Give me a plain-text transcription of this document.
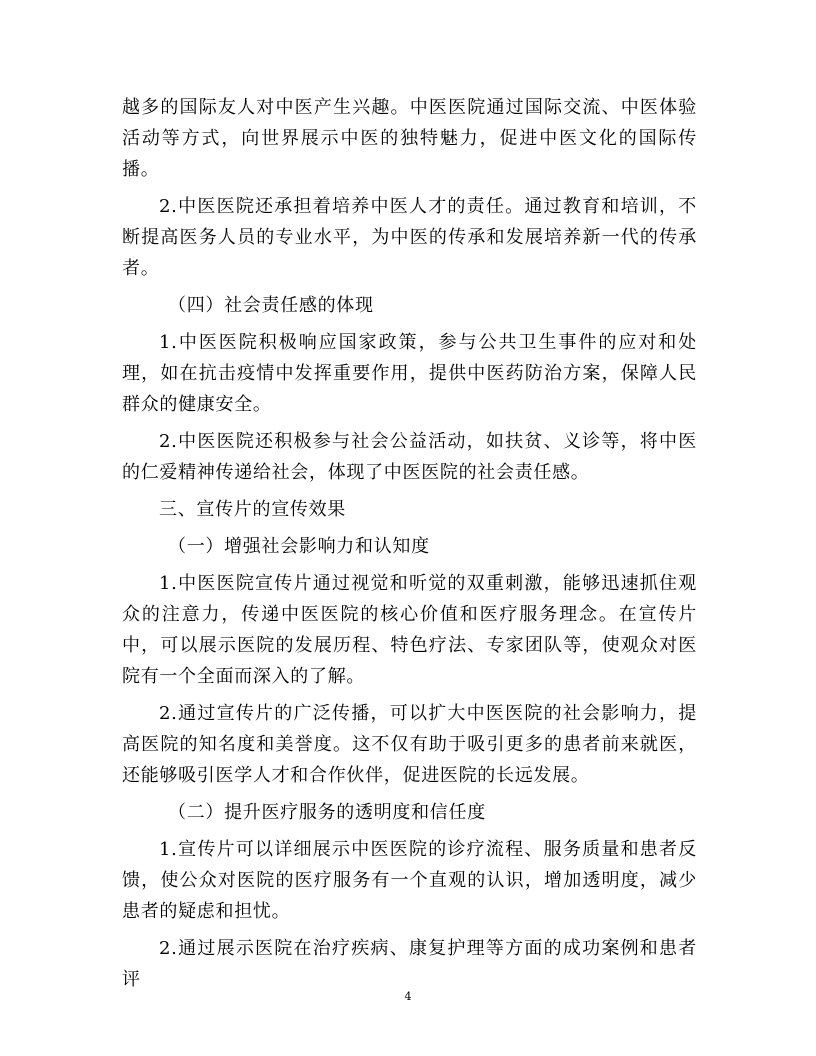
越多的国际友人对中医产生兴趣。中医医院通过国际交流、中医体验活动等方式，向世界展示中医的独特魅力，促进中医文化的国际传播。

2.中医医院还承担着培养中医人才的责任。通过教育和培训，不断提高医务人员的专业水平，为中医的传承和发展培养新一代的传承者。

（四）社会责任感的体现

1.中医医院积极响应国家政策，参与公共卫生事件的应对和处理，如在抗击疫情中发挥重要作用，提供中医药防治方案，保障人民群众的健康安全。

2.中医医院还积极参与社会公益活动，如扶贫、义诊等，将中医的仁爱精神传递给社会，体现了中医医院的社会责任感。

三、宣传片的宣传效果

（一）增强社会影响力和认知度

1.中医医院宣传片通过视觉和听觉的双重刺激，能够迅速抓住观众的注意力，传递中医医院的核心价值和医疗服务理念。在宣传片中，可以展示医院的发展历程、特色疗法、专家团队等，使观众对医院有一个全面而深入的了解。

2.通过宣传片的广泛传播，可以扩大中医医院的社会影响力，提高医院的知名度和美誉度。这不仅有助于吸引更多的患者前来就医，还能够吸引医学人才和合作伙伴，促进医院的长远发展。

（二）提升医疗服务的透明度和信任度

1.宣传片可以详细展示中医医院的诊疗流程、服务质量和患者反馈，使公众对医院的医疗服务有一个直观的认识，增加透明度，减少患者的疑虑和担忧。

2.通过展示医院在治疗疾病、康复护理等方面的成功案例和患者评

4
